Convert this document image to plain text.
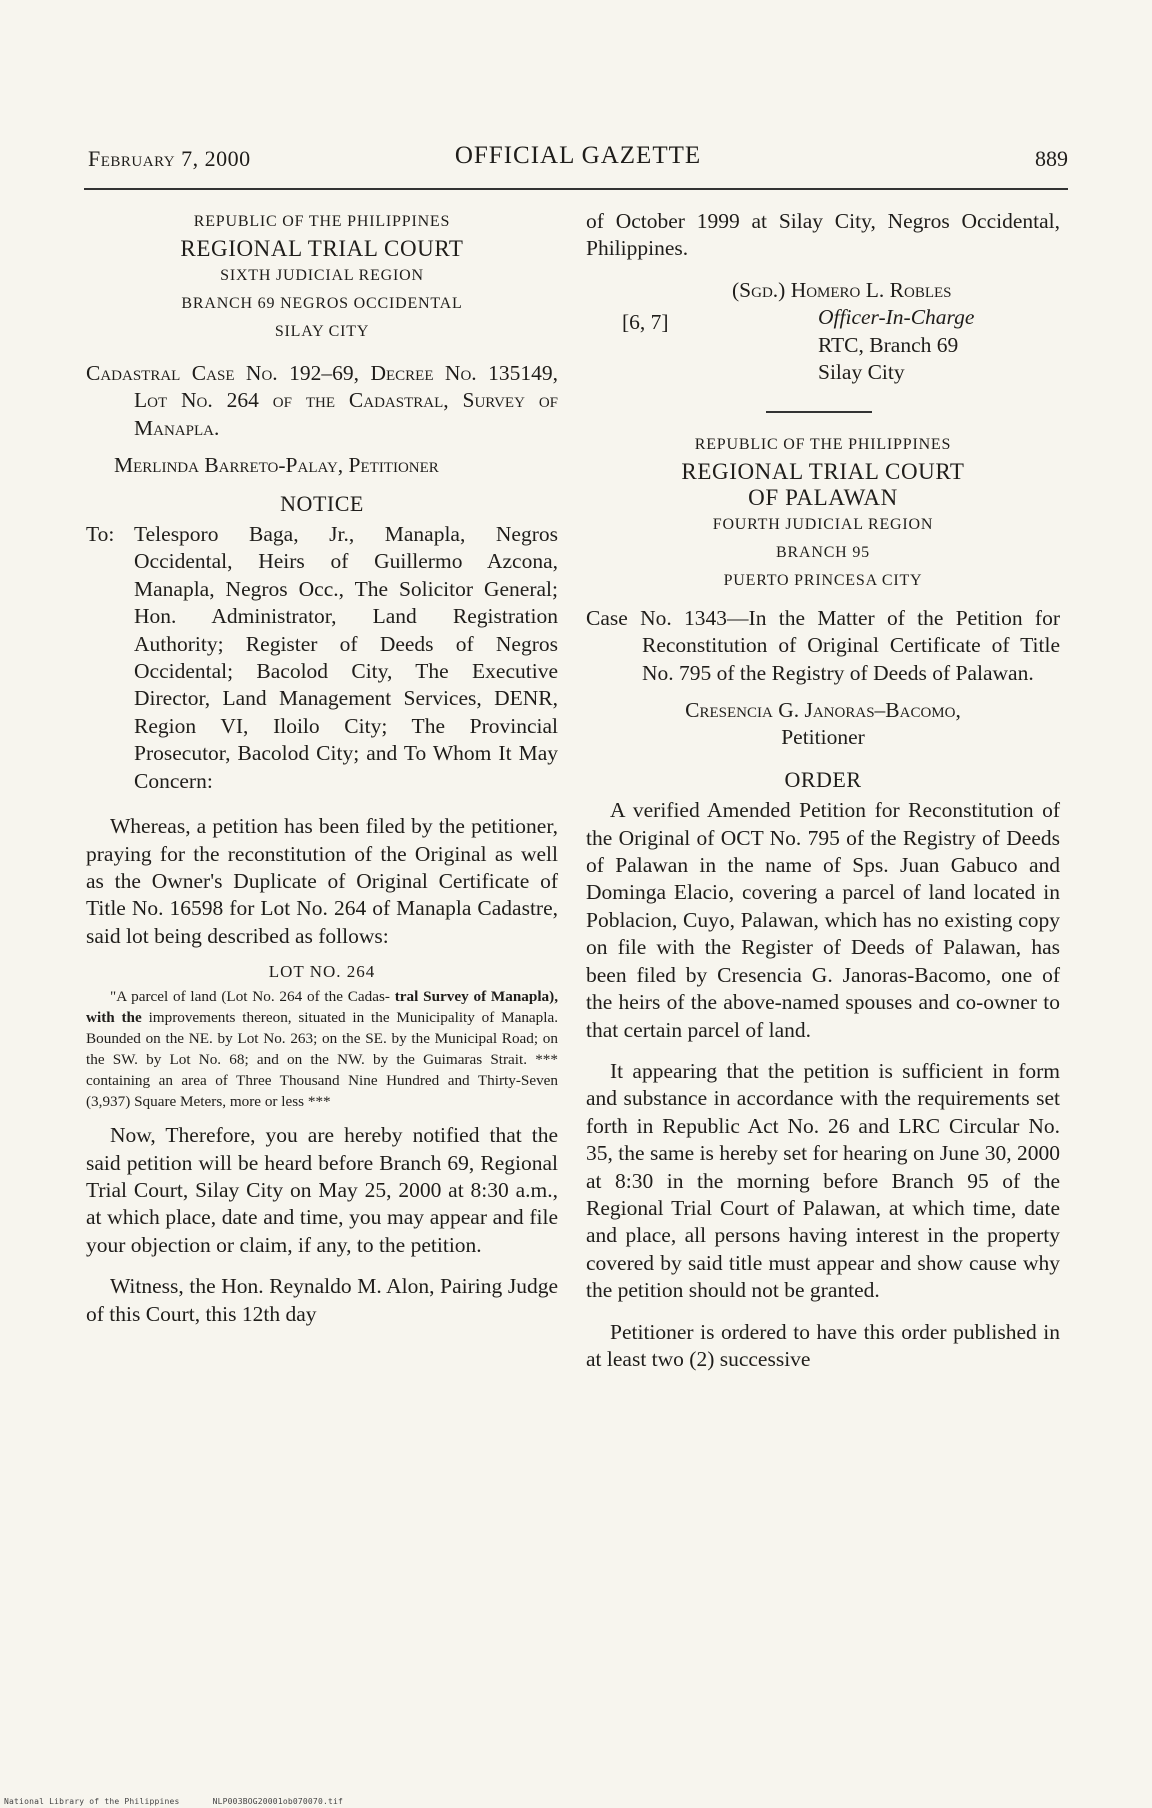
February 7, 2000	OFFICIAL GAZETTE	889
REPUBLIC OF THE PHILIPPINES
REGIONAL TRIAL COURT
SIXTH JUDICIAL REGION
BRANCH 69 NEGROS OCCIDENTAL
SILAY CITY
Cadastral Case No. 192–69, Decree No. 135149, Lot No. 264 of the Cadastral, Survey of Manapla.
Merlinda Barreto-Palay, Petitioner
NOTICE
To: Telesporo Baga, Jr., Manapla, Negros Occidental, Heirs of Guillermo Azcona, Manapla, Negros Occ., The Solicitor General; Hon. Administrator, Land Registration Authority; Register of Deeds of Negros Occidental; Bacolod City, The Executive Director, Land Management Services, DENR, Region VI, Iloilo City; The Provincial Prosecutor, Bacolod City; and To Whom It May Concern:
Whereas, a petition has been filed by the petitioner, praying for the reconstitution of the Original as well as the Owner's Duplicate of Original Certificate of Title No. 16598 for Lot No. 264 of Manapla Cadastre, said lot being described as follows:
LOT NO. 264
"A parcel of land (Lot No. 264 of the Cadas- tral Survey of Manapla), with the improvements thereon, situated in the Municipality of Manapla. Bounded on the NE. by Lot No. 263; on the SE. by the Municipal Road; on the SW. by Lot No. 68; and on the NW. by the Guimaras Strait. *** containing an area of Three Thousand Nine Hundred and Thirty-Seven (3,937) Square Meters, more or less ***
Now, Therefore, you are hereby notified that the said petition will be heard before Branch 69, Regional Trial Court, Silay City on May 25, 2000 at 8:30 a.m., at which place, date and time, you may appear and file your objection or claim, if any, to the petition.
Witness, the Hon. Reynaldo M. Alon, Pairing Judge of this Court, this 12th day
of October 1999 at Silay City, Negros Occidental, Philippines.
[6, 7]
(Sgd.) Homero L. Robles
Officer-In-Charge
RTC, Branch 69
Silay City
REPUBLIC OF THE PHILIPPINES
REGIONAL TRIAL COURT
OF PALAWAN
FOURTH JUDICIAL REGION
BRANCH 95
PUERTO PRINCESA CITY
Case No. 1343—In the Matter of the Petition for Reconstitution of Original Certificate of Title No. 795 of the Registry of Deeds of Palawan.
Cresencia G. Janoras–Bacomo,
Petitioner
ORDER
A verified Amended Petition for Reconstitution of the Original of OCT No. 795 of the Registry of Deeds of Palawan in the name of Sps. Juan Gabuco and Dominga Elacio, covering a parcel of land located in Poblacion, Cuyo, Palawan, which has no existing copy on file with the Register of Deeds of Palawan, has been filed by Cresencia G. Janoras-Bacomo, one of the heirs of the above-named spouses and co-owner to that certain parcel of land.
It appearing that the petition is sufficient in form and substance in accordance with the requirements set forth in Republic Act No. 26 and LRC Circular No. 35, the same is hereby set for hearing on June 30, 2000 at 8:30 in the morning before Branch 95 of the Regional Trial Court of Palawan, at which time, date and place, all persons having interest in the property covered by said title must appear and show cause why the petition should not be granted.
Petitioner is ordered to have this order published in at least two (2) successive
National Library of the Philippines	NLP003BOG20001ob070070.tif
